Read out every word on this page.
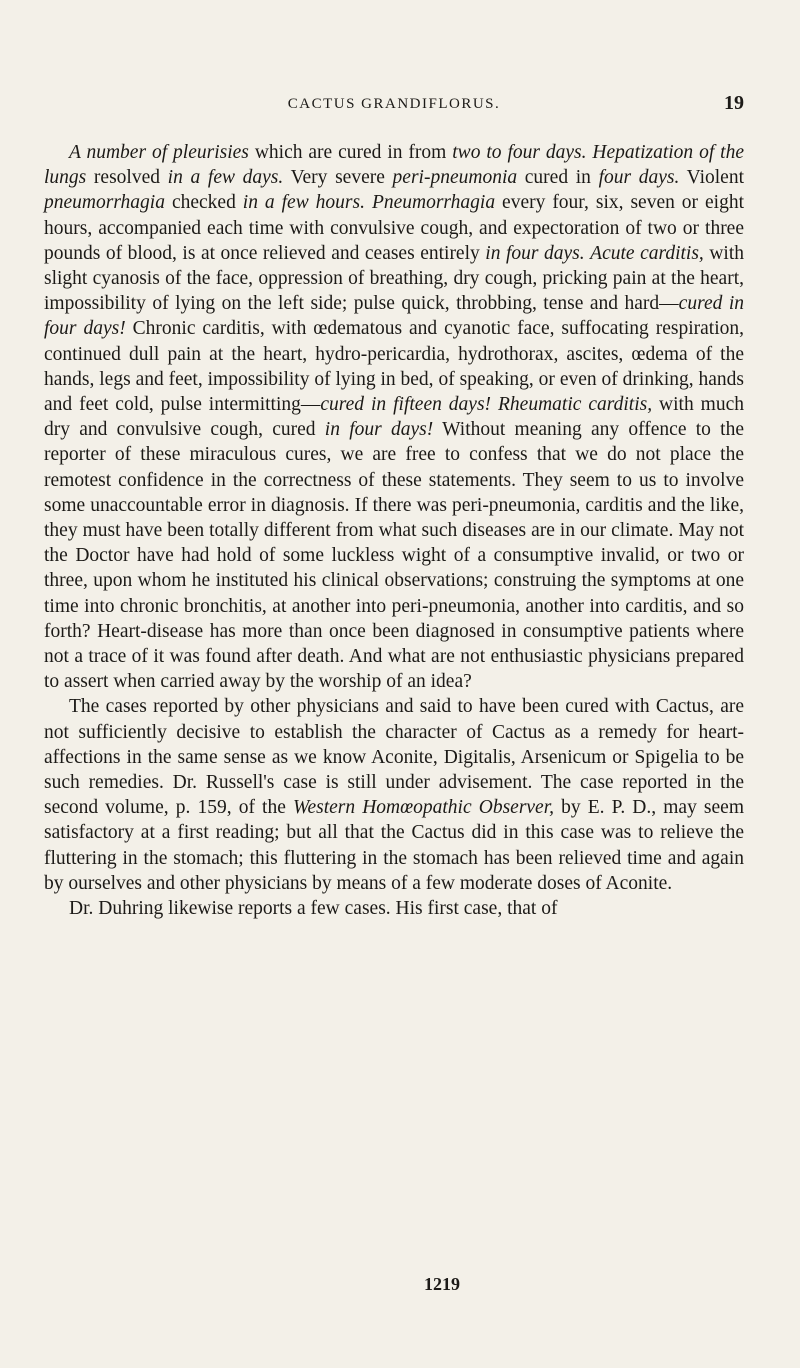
CACTUS GRANDIFLORUS.	19

A number of pleurisies which are cured in from two to four days. Hepatization of the lungs resolved in a few days. Very severe peri-pneumonia cured in four days. Violent pneumorrhagia checked in a few hours. Pneumorrhagia every four, six, seven or eight hours, accompanied each time with convulsive cough, and expectoration of two or three pounds of blood, is at once relieved and ceases entirely in four days. Acute carditis, with slight cyanosis of the face, oppression of breathing, dry cough, pricking pain at the heart, impossibility of lying on the left side; pulse quick, throbbing, tense and hard—cured in four days! Chronic carditis, with œdematous and cyanotic face, suffocating respiration, continued dull pain at the heart, hydro-pericardia, hydrothorax, ascites, œdema of the hands, legs and feet, impossibility of lying in bed, of speaking, or even of drinking, hands and feet cold, pulse intermitting—cured in fifteen days! Rheumatic carditis, with much dry and convulsive cough, cured in four days! Without meaning any offence to the reporter of these miraculous cures, we are free to confess that we do not place the remotest confidence in the correctness of these statements. They seem to us to involve some unaccountable error in diagnosis. If there was peri-pneumonia, carditis and the like, they must have been totally different from what such diseases are in our climate. May not the Doctor have had hold of some luckless wight of a consumptive invalid, or two or three, upon whom he instituted his clinical observations; construing the symptoms at one time into chronic bronchitis, at another into peri-pneumonia, another into carditis, and so forth? Heart-disease has more than once been diagnosed in consumptive patients where not a trace of it was found after death. And what are not enthusiastic physicians prepared to assert when carried away by the worship of an idea?

The cases reported by other physicians and said to have been cured with Cactus, are not sufficiently decisive to establish the character of Cactus as a remedy for heart-affections in the same sense as we know Aconite, Digitalis, Arsenicum or Spigelia to be such remedies. Dr. Russell's case is still under advisement. The case reported in the second volume, p. 159, of the Western Homœopathic Observer, by E. P. D., may seem satisfactory at a first reading; but all that the Cactus did in this case was to relieve the fluttering in the stomach; this fluttering in the stomach has been relieved time and again by ourselves and other physicians by means of a few moderate doses of Aconite.

Dr. Duhring likewise reports a few cases. His first case, that of

1219
